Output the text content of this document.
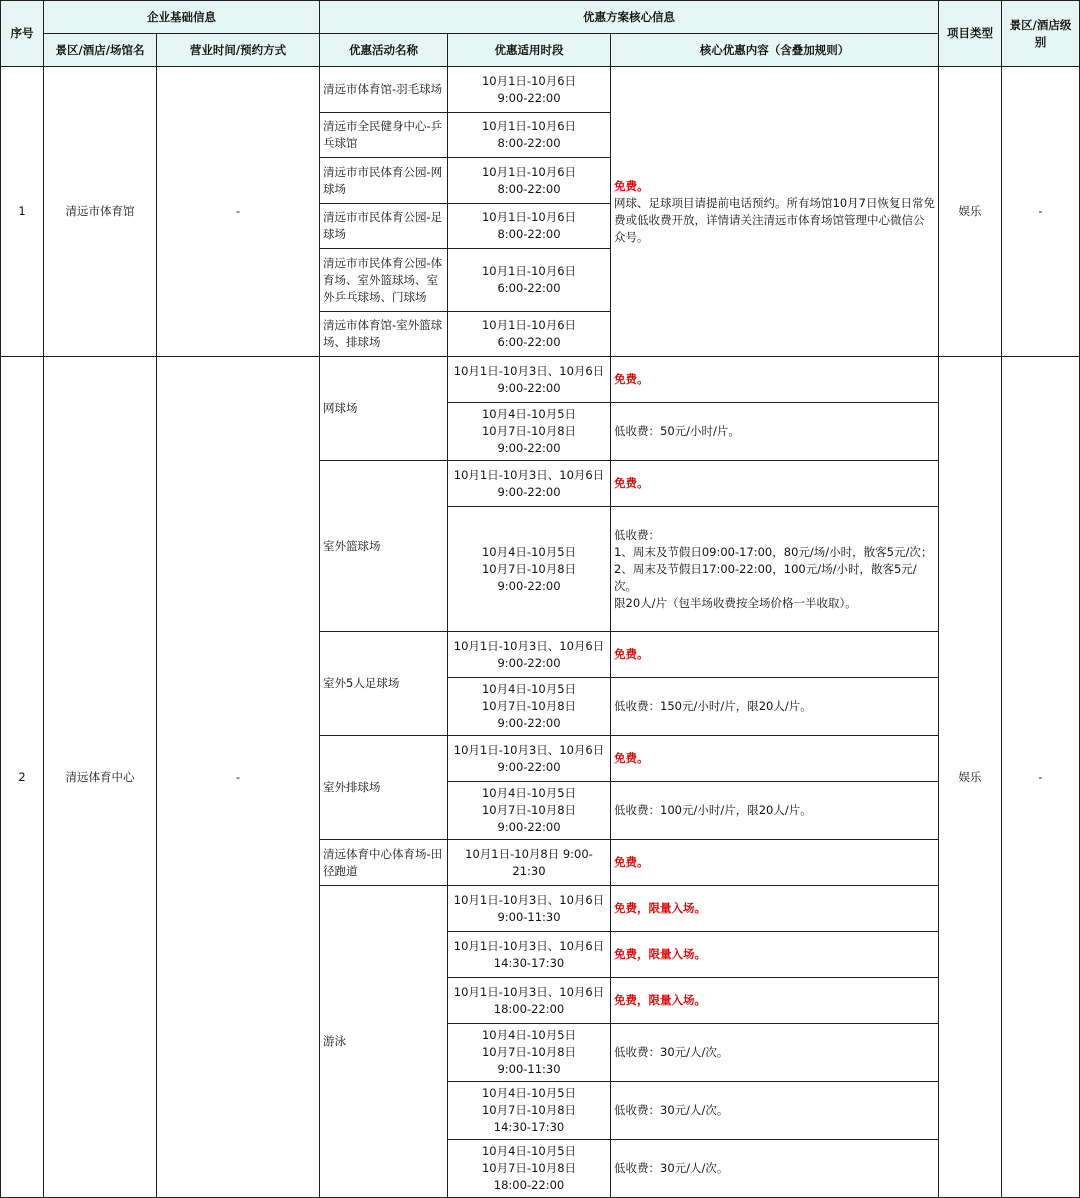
序号	企业基础信息		优惠方案核心信息			项目类型	景区/酒店级别
	景区/酒店/场馆名	营业时间/预约方式	优惠活动名称	优惠适用时段	核心优惠内容（含叠加规则）		
1	清远市体育馆	-	清远市体育馆-羽毛球场	10月1日-10月6日
9:00-22:00	免费。
网球、足球项目请提前电话预约。所有场馆10月7日恢复日常免费或低收费开放，详情请关注清远市体育场馆管理中心微信公众号。	娱乐	-
			清远市全民健身中心-乒乓球馆	10月1日-10月6日
8:00-22:00			
			清远市市民体育公园-网球场	10月1日-10月6日
8:00-22:00			
			清远市市民体育公园-足球场	10月1日-10月6日
8:00-22:00			
			清远市市民体育公园-体育场、室外篮球场、室外乒乓球场、门球场	10月1日-10月6日
6:00-22:00			
			清远市体育馆-室外篮球场、排球场	10月1日-10月6日
6:00-22:00			
2	清远体育中心	-	网球场	10月1日-10月3日、10月6日
9:00-22:00	免费。	娱乐	-
				10月4日-10月5日
10月7日-10月8日
9:00-22:00	低收费：50元/小时/片。		
			室外篮球场	10月1日-10月3日、10月6日
9:00-22:00	免费。		
				10月4日-10月5日
10月7日-10月8日
9:00-22:00	低收费：
1、周末及节假日09:00-17:00，80元/场/小时，散客5元/次；
2、周末及节假日17:00-22:00，100元/场/小时，散客5元/次。
限20人/片（包半场收费按全场价格一半收取）。		
			室外5人足球场	10月1日-10月3日、10月6日
9:00-22:00	免费。		
				10月4日-10月5日
10月7日-10月8日
9:00-22:00	低收费：150元/小时/片，限20人/片。		
			室外排球场	10月1日-10月3日、10月6日
9:00-22:00	免费。		
				10月4日-10月5日
10月7日-10月8日
9:00-22:00	低收费：100元/小时/片，限20人/片。		
			清远体育中心体育场-田径跑道	10月1日-10月8日 9:00-21:30	免费。		
			游泳	10月1日-10月3日、10月6日
9:00-11:30	免费，限量入场。		
				10月1日-10月3日、10月6日
14:30-17:30	免费，限量入场。		
				10月1日-10月3日、10月6日
18:00-22:00	免费，限量入场。		
				10月4日-10月5日
10月7日-10月8日
9:00-11:30	低收费：30元/人/次。		
				10月4日-10月5日
10月7日-10月8日
14:30-17:30	低收费：30元/人/次。		
				10月4日-10月5日
10月7日-10月8日
18:00-22:00	低收费：30元/人/次。		
